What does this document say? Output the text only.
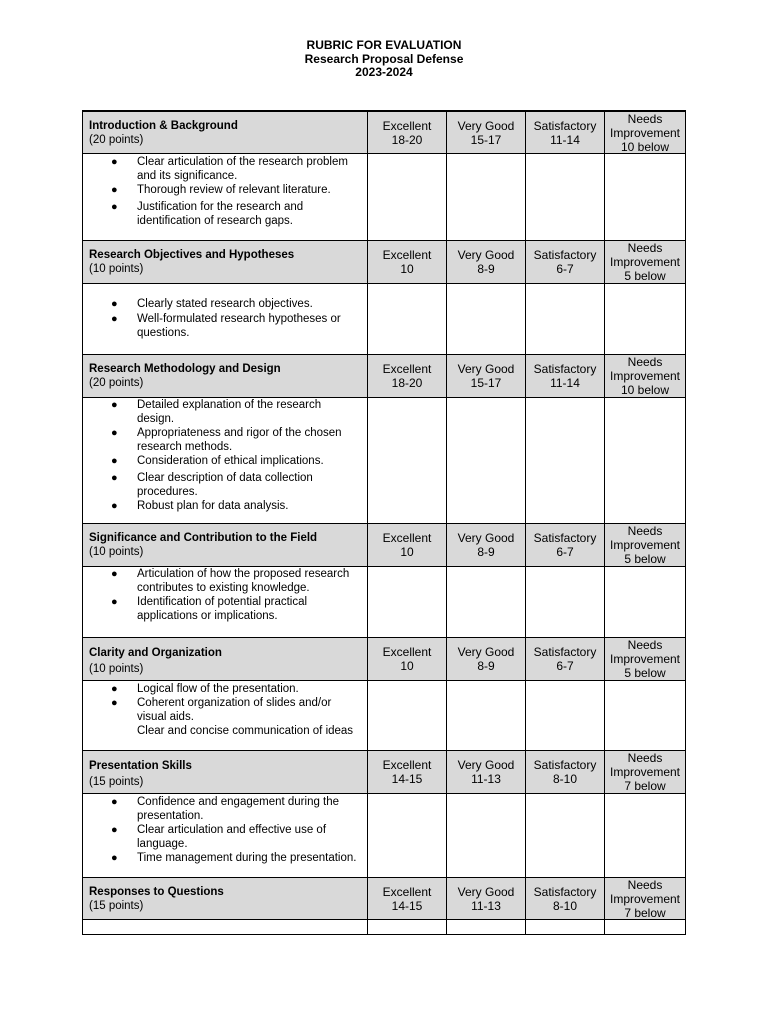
RUBRIC FOR EVALUATION
Research Proposal Defense
2023-2024
Introduction & Background
(20 points)
Excellent
18-20
Very Good
15-17
Satisfactory
11-14
Needs Improvement
10 below
● Clear articulation of the research problem and its significance.
● Thorough review of relevant literature.
● Justification for the research and identification of research gaps.
Research Objectives and Hypotheses
(10 points)
Excellent
10
Very Good
8-9
Satisfactory
6-7
Needs Improvement
5 below
● Clearly stated research objectives.
● Well-formulated research hypotheses or questions.
Research Methodology and Design
(20 points)
Excellent
18-20
Very Good
15-17
Satisfactory
11-14
Needs Improvement
10 below
● Detailed explanation of the research design.
● Appropriateness and rigor of the chosen research methods.
● Consideration of ethical implications.
● Clear description of data collection procedures.
● Robust plan for data analysis.
Significance and Contribution to the Field
(10 points)
Excellent
10
Very Good
8-9
Satisfactory
6-7
Needs Improvement
5 below
● Articulation of how the proposed research contributes to existing knowledge.
● Identification of potential practical applications or implications.
Clarity and Organization
(10 points)
Excellent
10
Very Good
8-9
Satisfactory
6-7
Needs Improvement
5 below
● Logical flow of the presentation.
● Coherent organization of slides and/or visual aids.
Clear and concise communication of ideas
Presentation Skills
(15 points)
Excellent
14-15
Very Good
11-13
Satisfactory
8-10
Needs Improvement
7 below
● Confidence and engagement during the presentation.
● Clear articulation and effective use of language.
● Time management during the presentation.
Responses to Questions
(15 points)
Excellent
14-15
Very Good
11-13
Satisfactory
8-10
Needs Improvement
7 below
